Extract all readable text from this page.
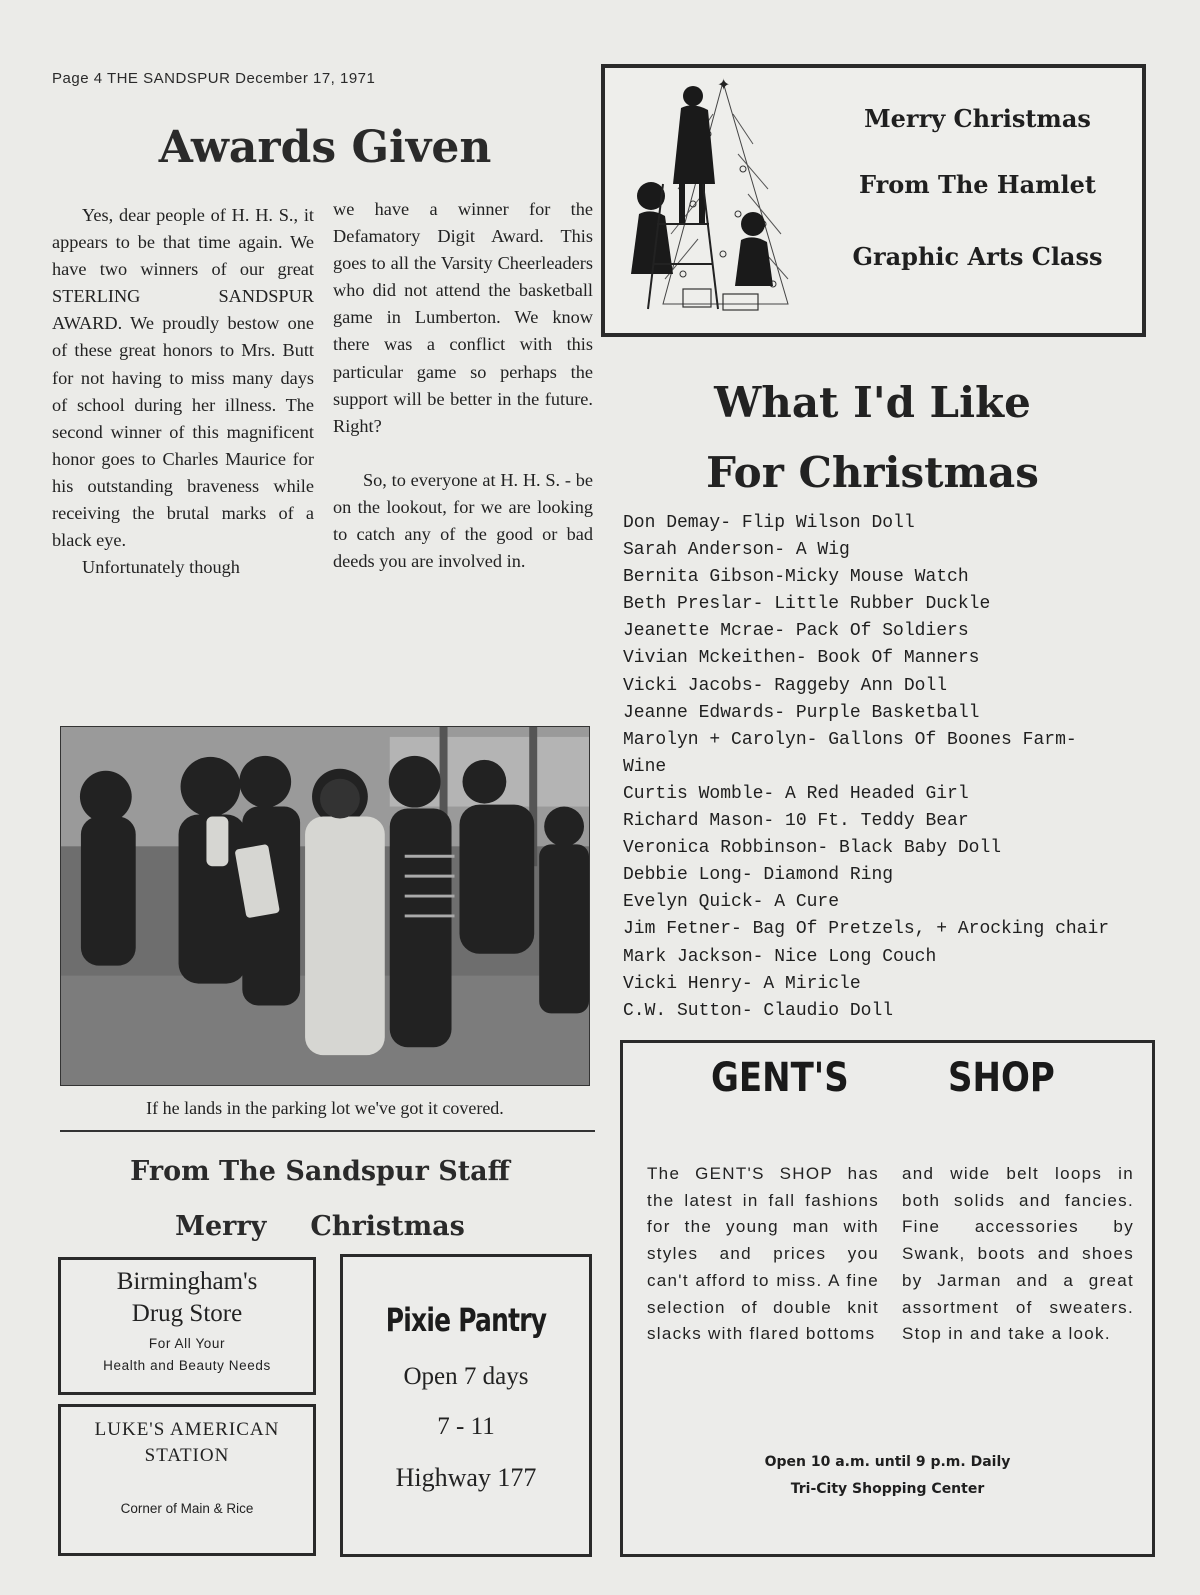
Page 4 THE SANDSPUR December 17, 1971
Awards Given

Yes, dear people of H. H. S., it appears to be that time again. We have two winners of our great STERLING SANDSPUR AWARD. We proudly bestow one of these great honors to Mrs. Butt for not having to miss many days of school during her illness. The second winner of this magnificent honor goes to Charles Maurice for his outstanding braveness while receiving the brutal marks of a black eye.

Unfortunately though

we have a winner for the Defamatory Digit Award. This goes to all the Varsity Cheerleaders who did not attend the basketball game in Lumberton. We know there was a conflict with this particular game so perhaps the support will be better in the future. Right?

So, to everyone at H. H. S. - be on the lookout, for we are looking to catch any of the good or bad deeds you are involved in.

If he lands in the parking lot we've got it covered.
From The Sandspur Staff
Merry Christmas
Birmingham's
Drug Store
For All Your
Health and Beauty Needs
LUKE'S AMERICAN
STATION
Corner of Main & Rice
Pixie Pantry
Open 7 days
7 - 11
Highway 177
✦
Merry Christmas
From The Hamlet
Graphic Arts Class
What I'd Like
For Christmas
Don Demay- Flip Wilson Doll
Sarah Anderson- A Wig
Bernita Gibson-Micky Mouse Watch
Beth Preslar- Little Rubber Duckle
Jeanette Mcrae- Pack Of Soldiers
Vivian Mckeithen- Book Of Manners
Vicki Jacobs- Raggeby Ann Doll
Jeanne Edwards- Purple Basketball
Marolyn + Carolyn- Gallons Of Boones Farm-
Wine
Curtis Womble- A Red Headed Girl
Richard Mason- 10 Ft. Teddy Bear
Veronica Robbinson- Black Baby Doll
Debbie Long- Diamond Ring
Evelyn Quick- A Cure
Jim Fetner- Bag Of Pretzels, + Arocking chair
Mark Jackson- Nice Long Couch
Vicki Henry- A Miricle
C.W. Sutton- Claudio Doll
GENT'S SHOP
The GENT'S SHOP has the latest in fall fashions for the young man with styles and prices you can't afford to miss. A fine selection of double knit slacks with flared bottoms
and wide belt loops in both solids and fancies. Fine accessories by Swank, boots and shoes by Jarman and a great assortment of sweaters. Stop in and take a look.
Open 10 a.m. until 9 p.m. Daily
Tri-City Shopping Center
